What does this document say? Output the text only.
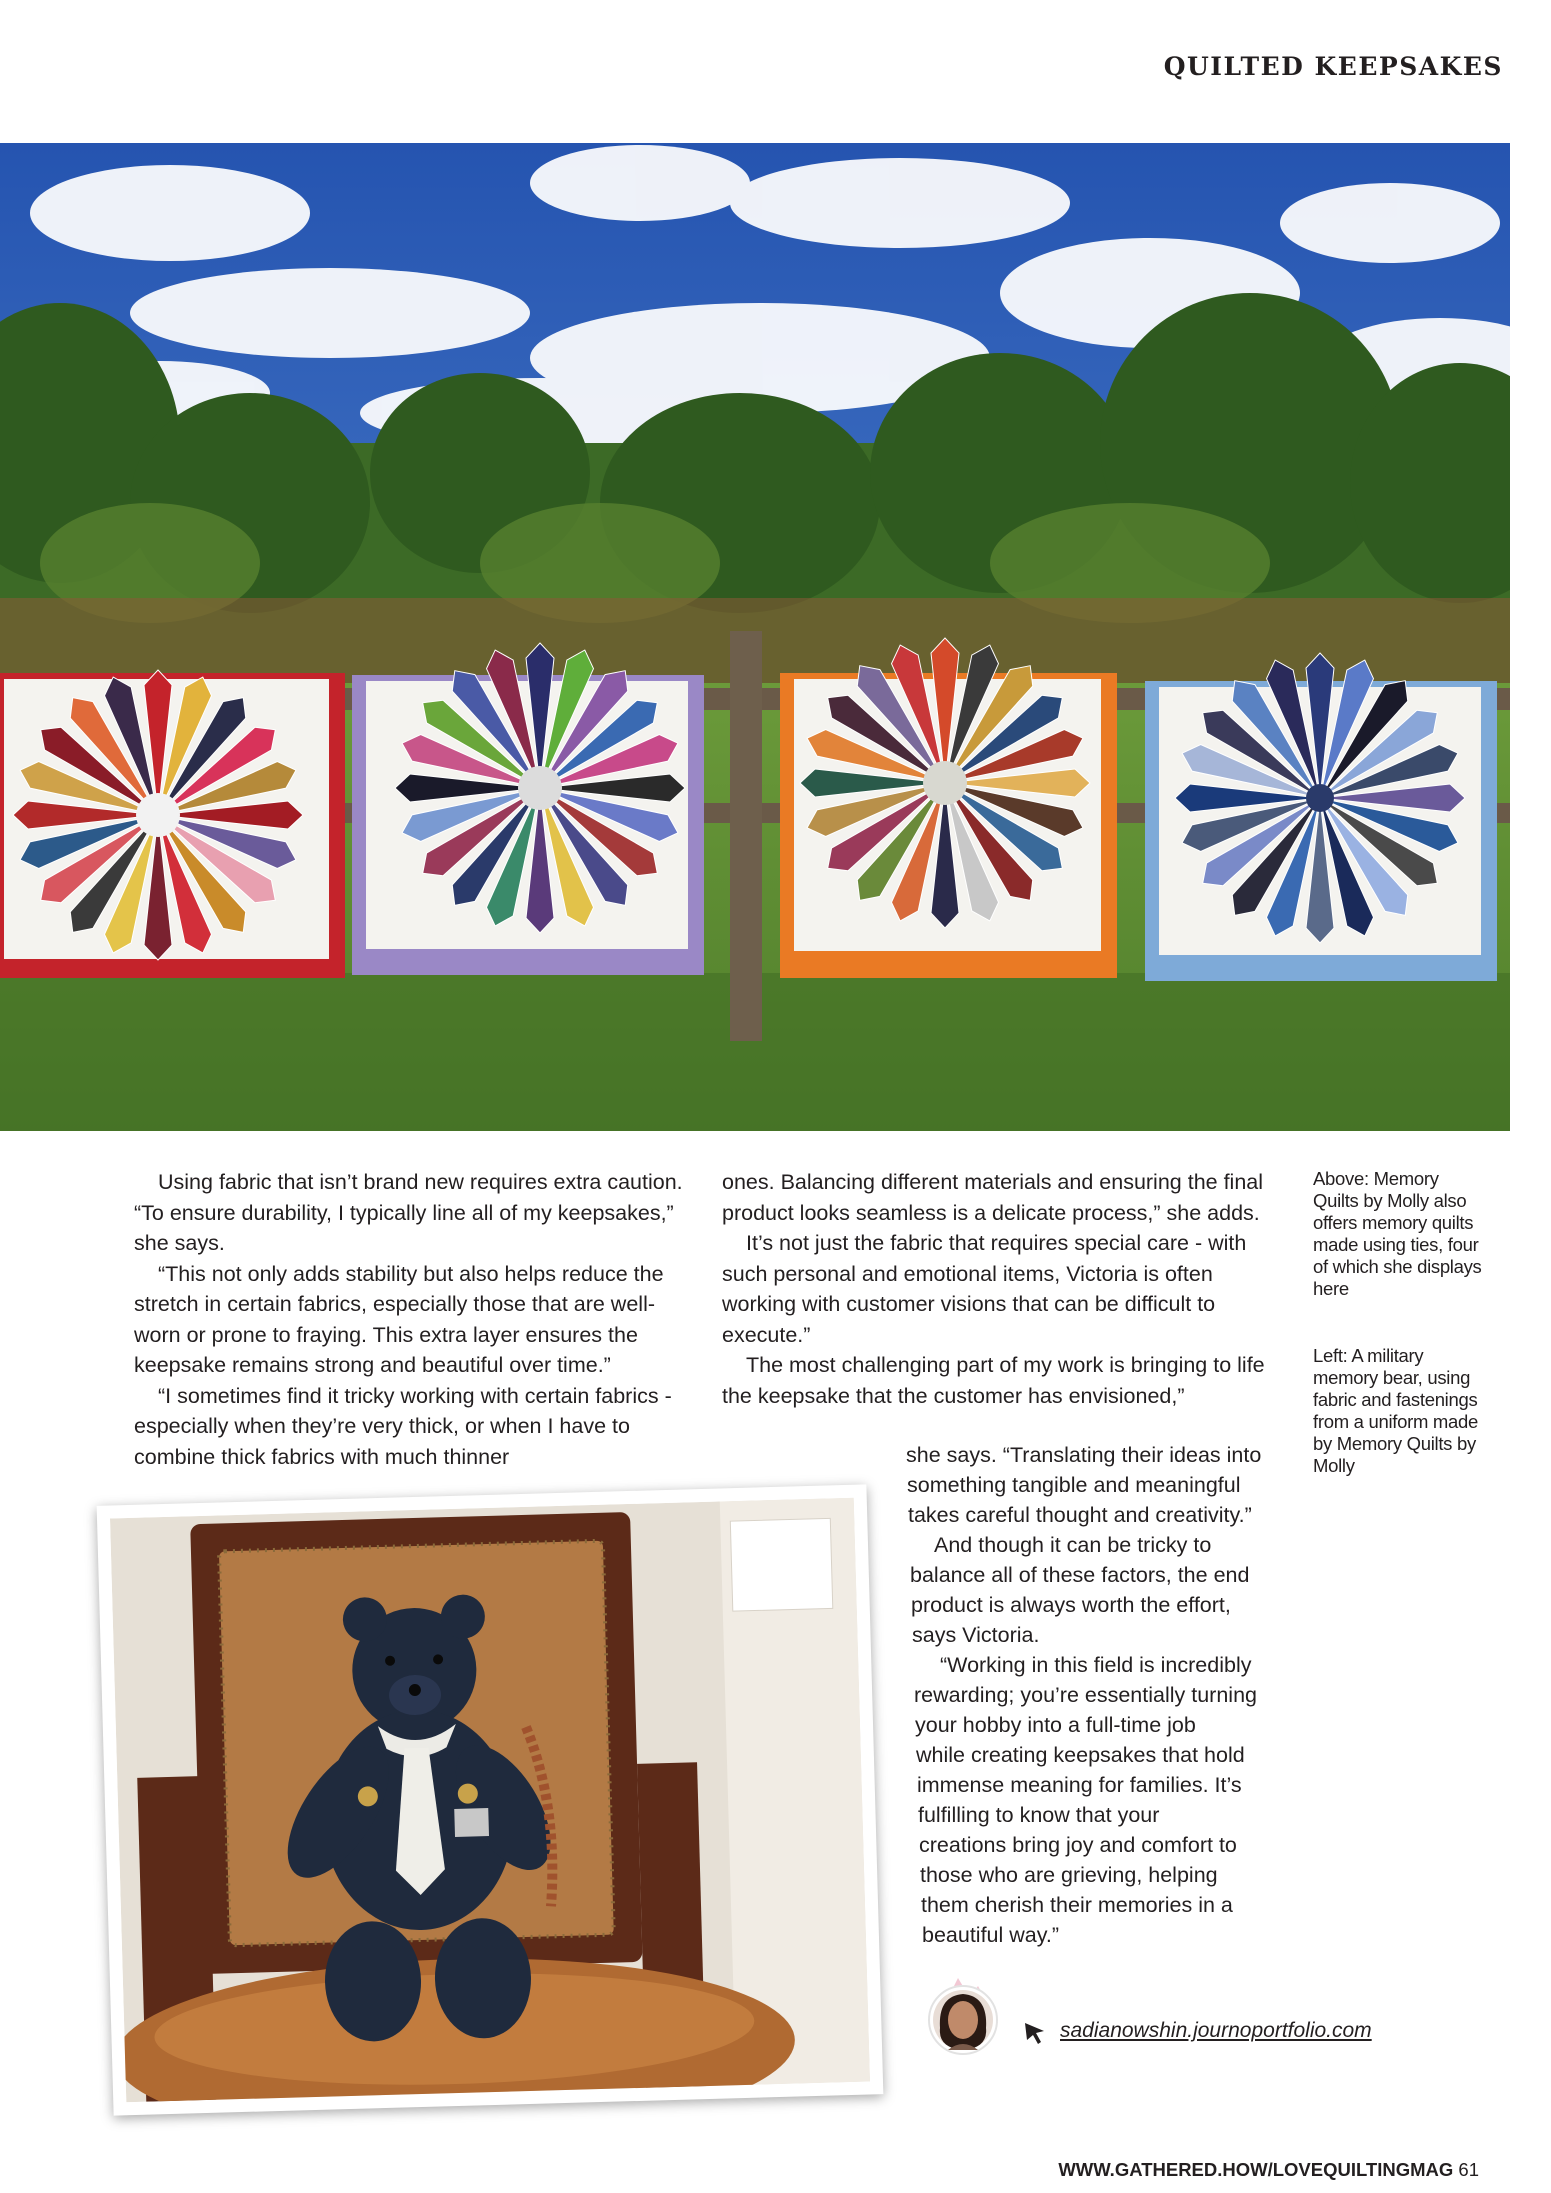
QUILTED KEEPSAKES

Using fabric that isn’t brand new requires extra caution. “To ensure durability, I typically line all of my keepsakes,” she says.

“This not only adds stability but also helps reduce the stretch in certain fabrics, especially those that are well-worn or prone to fraying. This extra layer ensures the keepsake remains strong and beautiful over time.”

“I sometimes find it tricky working with certain fabrics - especially when they’re very thick, or when I have to combine thick fabrics with much thinner

ones. Balancing different materials and ensuring the final product looks seamless is a delicate process,” she adds.

It’s not just the fabric that requires special care - with such personal and emotional items, Victoria is often working with customer visions that can be difficult to execute.”

The most challenging part of my work is bringing to life the keepsake that the customer has envisioned,”

she says. “Translating their ideas into
something tangible and meaningful
takes careful thought and creativity.”
And though it can be tricky to
balance all of these factors, the end
product is always worth the effort,
says Victoria.
“Working in this field is incredibly
rewarding; you’re essentially turning
your hobby into a full-time job
while creating keepsakes that hold
immense meaning for families. It’s
fulfilling to know that your
creations bring joy and comfort to
those who are grieving, helping
them cherish their memories in a
beautiful way.”
Above: Memory Quilts by Molly also offers memory quilts made using ties, four of which she displays here
Left: A military memory bear, using fabric and fastenings from a uniform made by Memory Quilts by Molly
sadianowshin.journoportfolio.com
WWW.GATHERED.HOW/LOVEQUILTINGMAG 61
